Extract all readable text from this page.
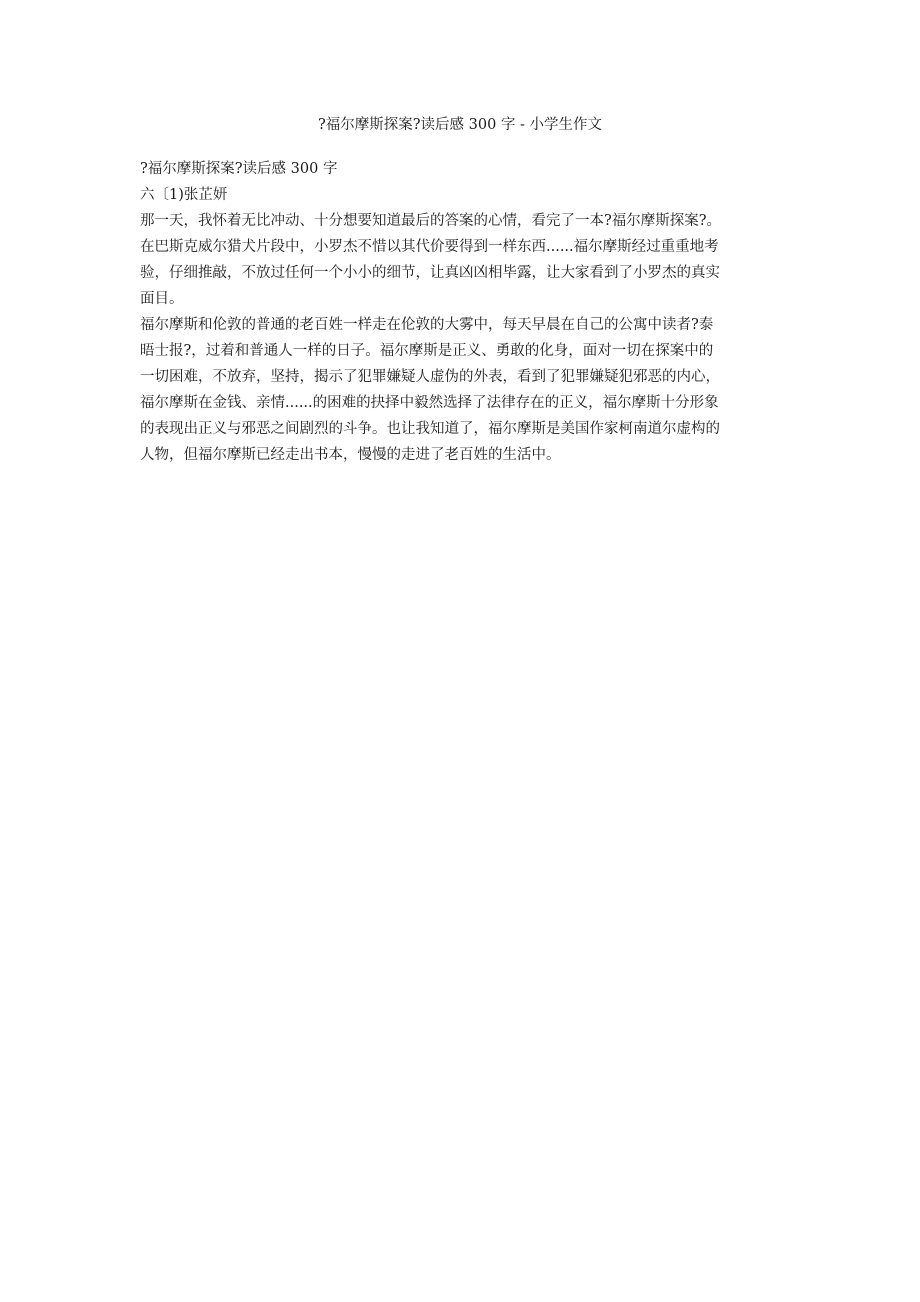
?福尔摩斯探案?读后感 300 字 - 小学生作文
?福尔摩斯探案?读后感 300 字
六〔1)张芷妍
那一天，我怀着无比冲动、十分想要知道最后的答案的心情，看完了一本?福尔摩斯探案?。
在巴斯克威尔猎犬片段中，小罗杰不惜以其代价要得到一样东西......福尔摩斯经过重重地考
验，仔细推敲，不放过任何一个小小的细节，让真凶凶相毕露，让大家看到了小罗杰的真实
面目。
福尔摩斯和伦敦的普通的老百姓一样走在伦敦的大雾中，每天早晨在自己的公寓中读者?泰
晤士报?，过着和普通人一样的日子。福尔摩斯是正义、勇敢的化身，面对一切在探案中的
一切困难，不放弃，坚持，揭示了犯罪嫌疑人虚伪的外表，看到了犯罪嫌疑犯邪恶的内心，
福尔摩斯在金钱、亲情......的困难的抉择中毅然选择了法律存在的正义，福尔摩斯十分形象
的表现出正义与邪恶之间剧烈的斗争。也让我知道了，福尔摩斯是美国作家柯南道尔虚构的
人物，但福尔摩斯已经走出书本，慢慢的走进了老百姓的生活中。
